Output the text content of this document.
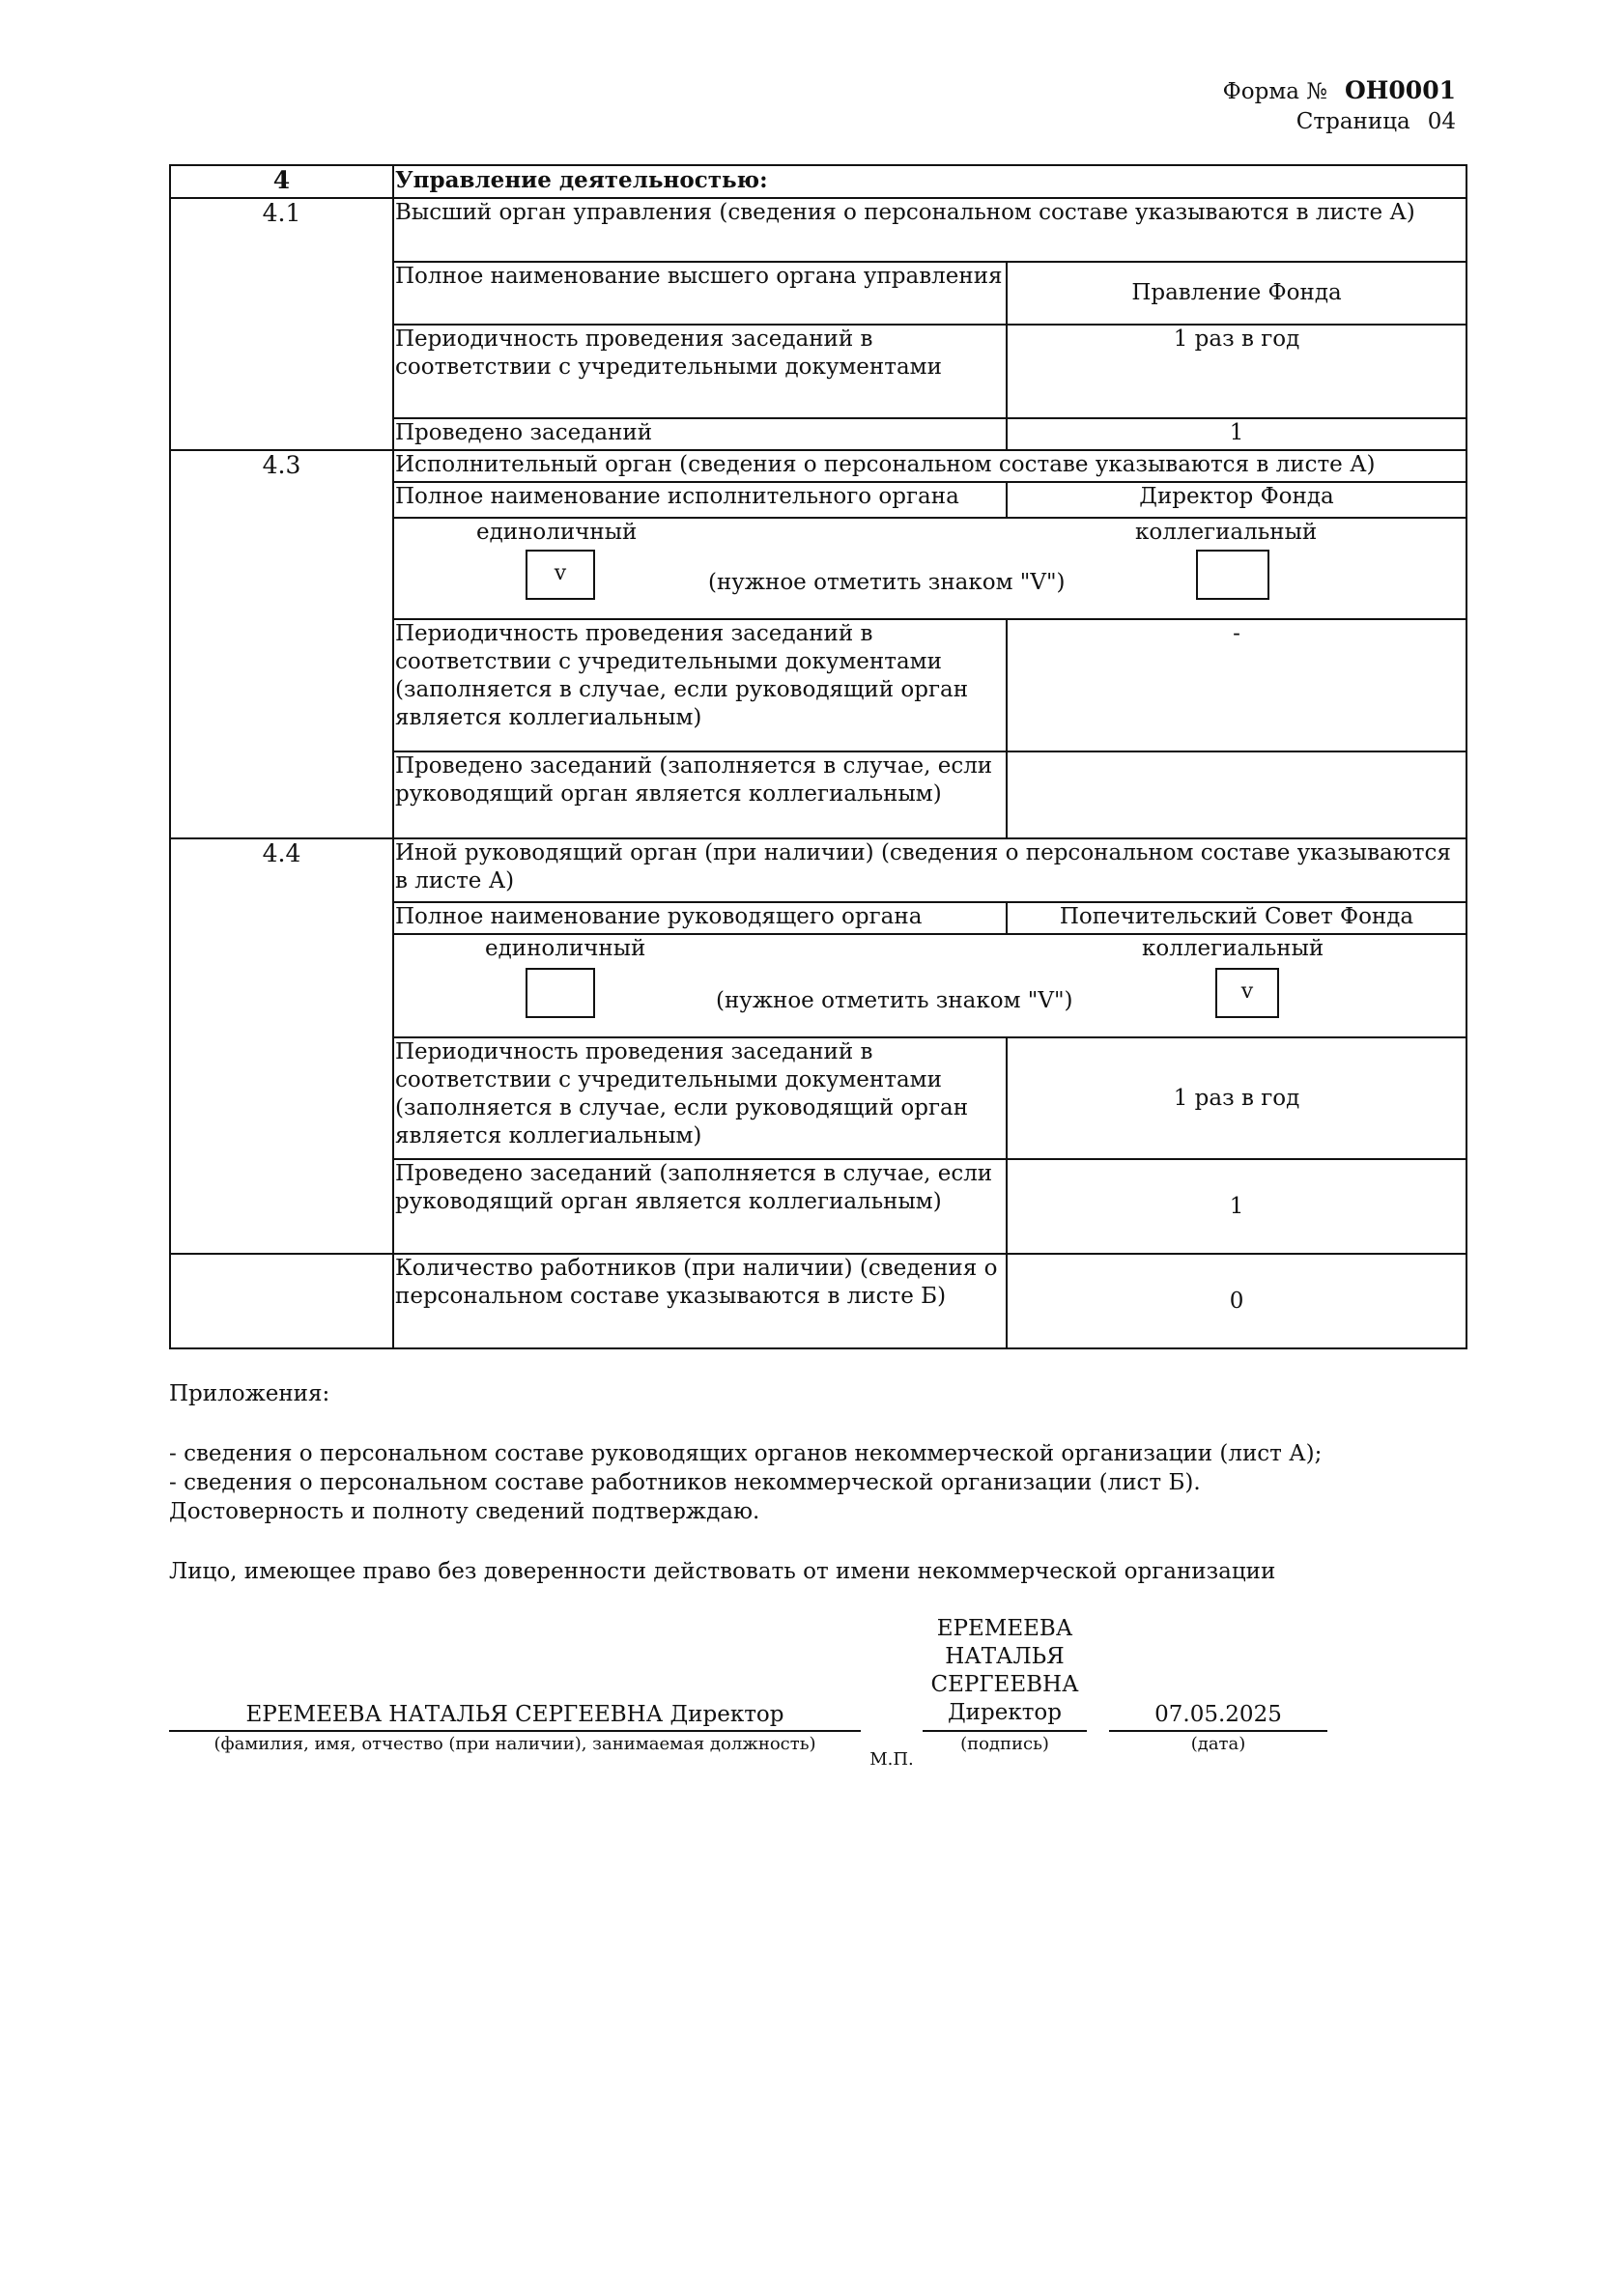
Форма № ОН0001
Страница 04
4	Управление деятельностью:	
4.1	Высший орган управления (сведения о персональном составе указываются в листе А)	
	Полное наименование высшего органа управления	Правление Фонда
	Периодичность проведения заседаний в соответствии с учредительными документами	1 раз в год
	Проведено заседаний	1
4.3	Исполнительный орган (сведения о персональном составе указываются в листе А)	
	Полное наименование исполнительного органа	Директор Фонда

	единоличный коллегиальный
v (нужное отметить знаком "V")	

	Периодичность проведения заседаний в соответствии с учредительными документами (заполняется в случае, если руководящий орган является коллегиальным)	-
	Проведено заседаний (заполняется в случае, если руководящий орган является коллегиальным)	
4.4	Иной руководящий орган (при наличии) (сведения о персональном составе указываются в листе А)	
	Полное наименование руководящего органа	Попечительский Совет Фонда

	единоличный коллегиальный
(нужное отметить знаком "V") v	

	Периодичность проведения заседаний в соответствии с учредительными документами (заполняется в случае, если руководящий орган является коллегиальным)	1 раз в год
	Проведено заседаний (заполняется в случае, если руководящий орган является коллегиальным)	1
	Количество работников (при наличии) (сведения о персональном составе указываются в листе Б)	0
Приложения:
- сведения о персональном составе руководящих органов некоммерческой организации (лист А);
- сведения о персональном составе работников некоммерческой организации (лист Б).
Достоверность и полноту сведений подтверждаю.
Лицо, имеющее право без доверенности действовать от имени некоммерческой организации
ЕРЕМЕЕВА НАТАЛЬЯ СЕРГЕЕВНА Директор
(фамилия, имя, отчество (при наличии), занимаемая должность)
М.П.
ЕРЕМЕЕВА
НАТАЛЬЯ
СЕРГЕЕВНА
Директор
(подпись)
07.05.2025
(дата)
